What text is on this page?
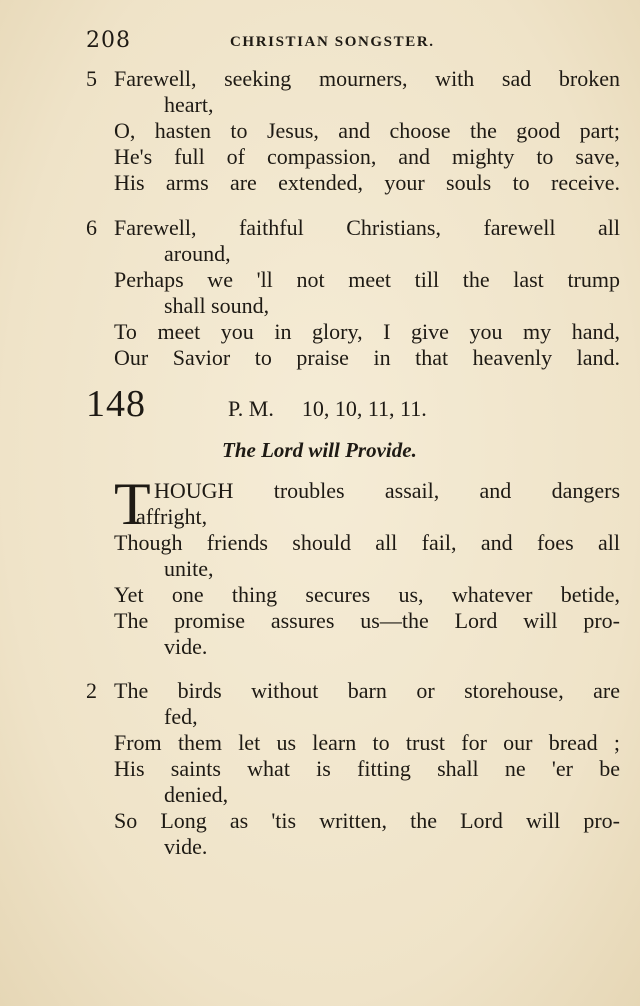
208	CHRISTIAN SONGSTER.
5 Farewell, seeking mourners, with sad broken
heart,
O, hasten to Jesus, and choose the good part;
He's full of compassion, and mighty to save,
His arms are extended, your souls to receive.
6 Farewell, faithful Christians, farewell all
around,
Perhaps we 'll not meet till the last trump
shall sound,
To meet you in glory, I give you my hand,
Our Savior to praise in that heavenly land.
148	P. M. 10, 10, 11, 11.
The Lord will Provide.
T HOUGH troubles assail, and dangers
affright,
Though friends should all fail, and foes all
unite,
Yet one thing secures us, whatever betide,
The promise assures us—the Lord will pro-
vide.
2 The birds without barn or storehouse, are
fed,
From them let us learn to trust for our bread ;
His saints what is fitting shall ne 'er be
denied,
So Long as 'tis written, the Lord will pro-
vide.
